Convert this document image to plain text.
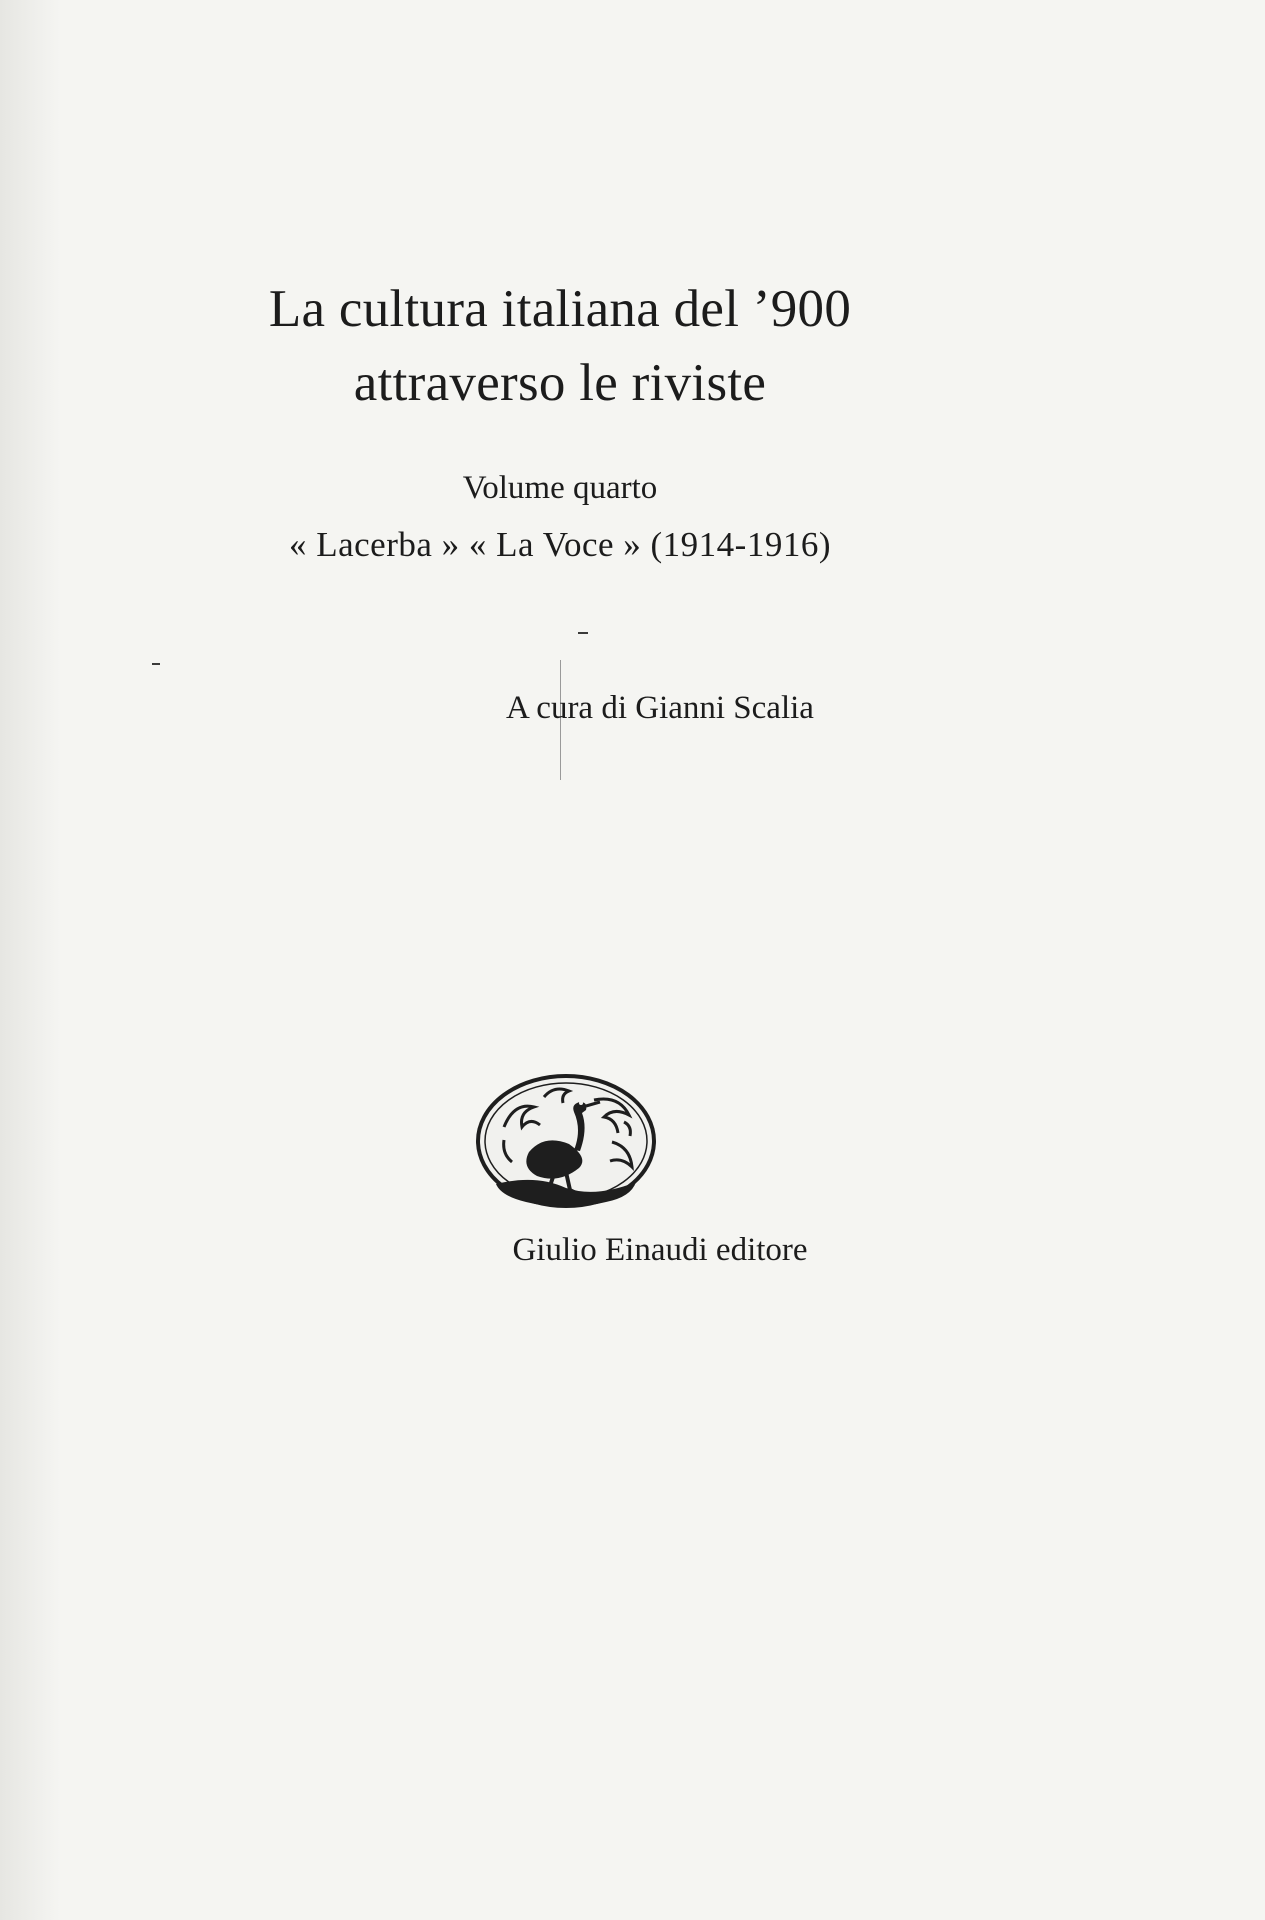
La cultura italiana del ’900
attraverso le riviste
Volume quarto
« Lacerba » « La Voce » (1914-1916)
A cura di Gianni Scalia
Giulio Einaudi editore
